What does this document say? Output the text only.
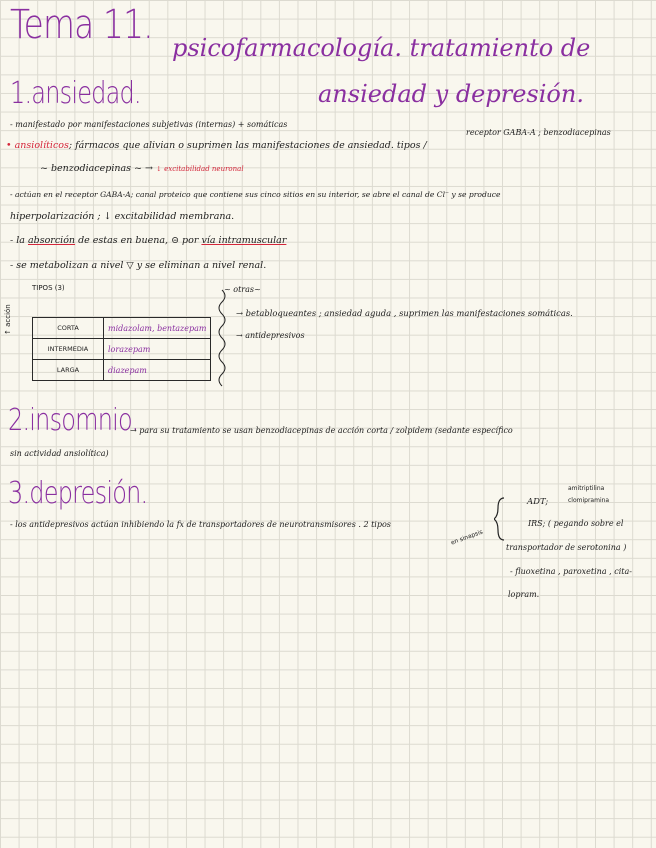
Tema 11. psicofarmacología. tratamiento de
ansiedad y depresión.
1.ansiedad.
- manifestado por manifestaciones subjetivas (internas) + somáticas
• ansiolíticos; fármacos que alivian o suprimen las manifestaciones de ansiedad. tipos /
receptor GABA-A ; benzodiacepinas
~ benzodiacepinas ~ → ↓ excitabilidad neuronal
- actúan en el receptor GABA-A; canal proteico que contiene sus cinco sitios en su interior, se abre el canal de Cl⁻ y se produce
hiperpolarización ; ↓ excitabilidad membrana.
- la absorción de estas en buena, ⊝ por vía intramuscular
- se metabolizan a nivel ▽ y se eliminan a nivel renal.
TIPOS (3)
↑ acción	CORTA	midazolam, bentazepam
INTERMEDIA	lorazepam
LARGA	diazepam
~ otras~
→ betabloqueantes ; ansiedad aguda , suprimen las manifestaciones somáticas.
→ antidepresivos
2.insomnio.
→ para su tratamiento se usan benzodiacepinas de acción corta / zolpidem (sedante específico
sin actividad ansiolítica)
3.depresión.
- los antidepresivos actúan inhibiendo la fx de transportadores de neurotransmisores . 2 tipos
en sinapsis
ADT;
amitriptilina
clomipramina
IRS; ( pegando sobre el
transportador de serotonina )
- fluoxetina , paroxetina , cita-
lopram.
